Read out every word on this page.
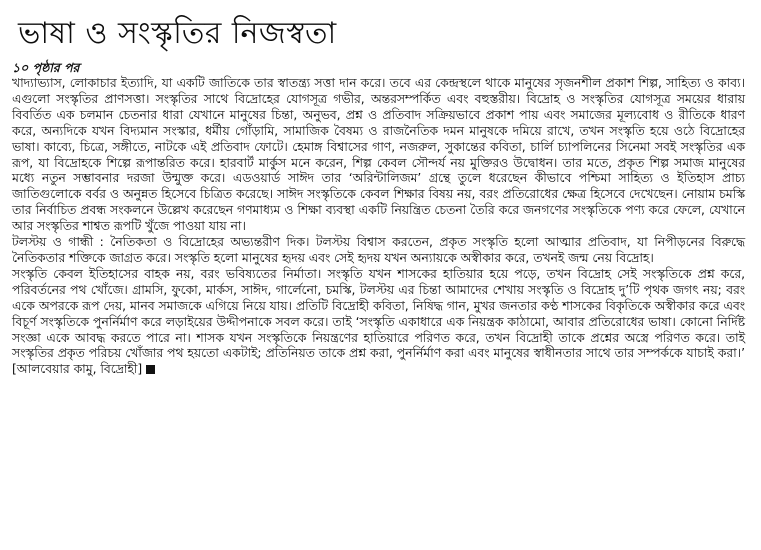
ভাষা ও সংস্কৃতির নিজস্বতা
১০ পৃষ্ঠার পর

খাদ্যাভ্যাস, লোকাচার ইত্যাদি, যা একটি জাতিকে তার স্বাতন্ত্র্য সত্তা দান করে। তবে এর কেন্দ্রস্থলে থাকে মানুষের সৃজনশীল প্রকাশ শিল্প, সাহিত্য ও কাব্য। এগুলো সংস্কৃতির প্রাণসত্তা। সংস্কৃতির সাথে বিদ্রোহের যোগসূত্র গভীর, অন্তরসম্পর্কিত এবং বহুস্তরীয়। বিদ্রোহ ও সংস্কৃতির যোগসূত্র সময়ের ধারায় বিবর্তিত এক চলমান চেতনার ধারা যেখানে মানুষের চিন্তা, অনুভব, প্রশ্ন ও প্রতিবাদ সক্রিয়ভাবে প্রকাশ পায় এবং সমাজের মূল্যবোধ ও রীতিকে ধারণ করে, অন্যদিকে যখন বিদ্যমান সংস্কার, ধর্মীয় গোঁড়ামি, সামাজিক বৈষম্য ও রাজনৈতিক দমন মানুষকে দমিয়ে রাখে, তখন সংস্কৃতি হয়ে ওঠে বিদ্রোহের ভাষা। কাব্যে, চিত্রে, সঙ্গীতে, নাটকে এই প্রতিবাদ ফোটে। হেমাঙ্গ বিশ্বাসের গাণ, নজরুল, সুকান্তের কবিতা, চার্লি চ্যাপলিনের সিনেমা সবই সংস্কৃতির এক রূপ, যা বিদ্রোহকে শিল্পে রূপান্তরিত করে। হারবার্ট মার্কুস মনে করেন, শিল্প কেবল সৌন্দর্য নয় মুক্তিরও উদ্বোধন। তার মতে, প্রকৃত শিল্প সমাজ মানুষের মধ্যে নতুন সম্ভাবনার দরজা উন্মুক্ত করে। এডওয়ার্ড সাঈদ তার ‘অরিন্টালিজম’ গ্রন্থে তুলে ধরেছেন কীভাবে পশ্চিমা সাহিত্য ও ইতিহাস প্রাচ্য জাতিগুলোকে বর্বর ও অনুন্নত হিসেবে চিত্রিত করেছে। সাঈদ সংস্কৃতিকে কেবল শিক্ষার বিষয় নয়, বরং প্রতিরোধের ক্ষেত্র হিসেবে দেখেছেন। নোয়াম চমস্কি তার নির্বাচিত প্রবন্ধ সংকলনে উল্লেখ করেছেন গণমাধ্যম ও শিক্ষা ব্যবস্থা একটি নিয়ন্ত্রিত চেতনা তৈরি করে জনগণের সংস্কৃতিকে পণ্য করে ফেলে, যেখানে আর সংস্কৃতির শাশ্বত রূপটি খুঁজে পাওয়া যায় না।

টলস্টয় ও গান্ধী : নৈতিকতা ও বিদ্রোহের অভ্যন্তরীণ দিক। টলস্টয় বিশ্বাস করতেন, প্রকৃত সংস্কৃতি হলো আত্মার প্রতিবাদ, যা নিপীড়নের বিরুদ্ধে নৈতিকতার শক্তিকে জাগ্রত করে। সংস্কৃতি হলো মানুষের হৃদয় এবং সেই হৃদয় যখন অন্যায়কে অস্বীকার করে, তখনই জন্ম নেয় বিদ্রোহ।

সংস্কৃতি কেবল ইতিহাসের বাহক নয়, বরং ভবিষ্যতের নির্মাতা। সংস্কৃতি যখন শাসকের হাতিয়ার হয়ে পড়ে, তখন বিদ্রোহ সেই সংস্কৃতিকে প্রশ্ন করে, পরিবর্তনের পথ খোঁজে। গ্রামসি, ফুকো, মার্কস, সাঈদ, গার্লেনো, চমস্কি, টলস্টয় এর চিন্তা আমাদের শেখায় সংস্কৃতি ও বিদ্রোহ দু’টি পৃথক জগৎ নয়; বরং একে অপরকে রূপ দেয়, মানব সমাজকে এগিয়ে নিয়ে যায়। প্রতিটি বিদ্রোহী কবিতা, নিষিদ্ধ গান, মুখর জনতার কণ্ঠ শাসকের বিকৃতিকে অস্বীকার করে এবং বিচূর্ণ সংস্কৃতিকে পুনর্নির্মাণ করে লড়াইয়ের উদ্দীপনাকে সবল করে। তাই ‘সংস্কৃতি একাধারে এক নিয়ন্ত্রক কাঠামো, আবার প্রতিরোধের ভাষা। কোনো নির্দিষ্ট সংজ্ঞা একে আবদ্ধ করতে পারে না। শাসক যখন সংস্কৃতিকে নিয়ন্ত্রণের হাতিয়ারে পরিণত করে, তখন বিদ্রোহী তাকে প্রশ্নের অস্ত্রে পরিণত করে। তাই সংস্কৃতির প্রকৃত পরিচয় খোঁজার পথ হয়তো একটাই; প্রতিনিয়ত তাকে প্রশ্ন করা, পুনর্নির্মাণ করা এবং মানুষের স্বাধীনতার সাথে তার সম্পর্ককে যাচাই করা।’ [আলবেয়ার কামু, বিদ্রোহী]
